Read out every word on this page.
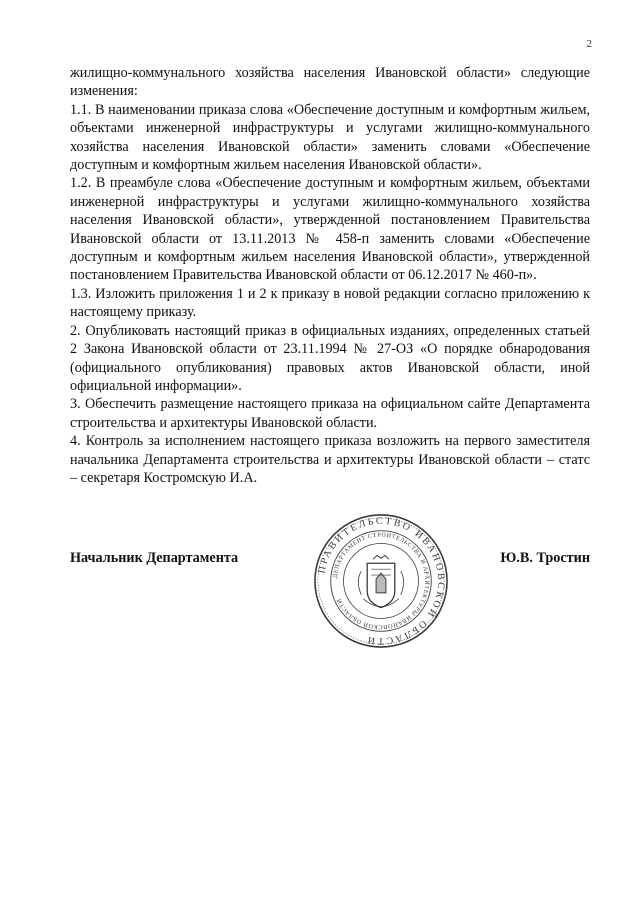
2

жилищно-коммунального хозяйства населения Ивановской области» следующие изменения:

1.1. В наименовании приказа слова «Обеспечение доступным и комфортным жильем, объектами инженерной инфраструктуры и услугами жилищно-коммунального хозяйства населения Ивановской области» заменить словами «Обеспечение доступным и комфортным жильем населения Ивановской области».

1.2. В преамбуле слова «Обеспечение доступным и комфортным жильем, объектами инженерной инфраструктуры и услугами жилищно-коммунального хозяйства населения Ивановской области», утвержденной постановлением Правительства Ивановской области от 13.11.2013 № 458-п заменить словами «Обеспечение доступным и комфортным жильем населения Ивановской области», утвержденной постановлением Правительства Ивановской области от 06.12.2017 № 460-п».

1.3. Изложить приложения 1 и 2 к приказу в новой редакции согласно приложению к настоящему приказу.

2. Опубликовать настоящий приказ в официальных изданиях, определенных статьей 2 Закона Ивановской области от 23.11.1994 № 27-ОЗ «О порядке обнародования (официального опубликования) правовых актов Ивановской области, иной официальной информации».

3. Обеспечить размещение настоящего приказа на официальном сайте Департамента строительства и архитектуры Ивановской области.

4. Контроль за исполнением настоящего приказа возложить на первого заместителя начальника Департамента строительства и архитектуры Ивановской области – статс – секретаря Костромскую И.А.

Начальник Департамента	Ю.В. Тростин
ПРАВИТЕЛЬСТВО ИВАНОВСКОЙ ОБЛАСТИ
ДЕПАРТАМЕНТ СТРОИТЕЛЬСТВА И АРХИТЕКТУРЫ ИВАНОВСКОЙ ОБЛАСТИ
